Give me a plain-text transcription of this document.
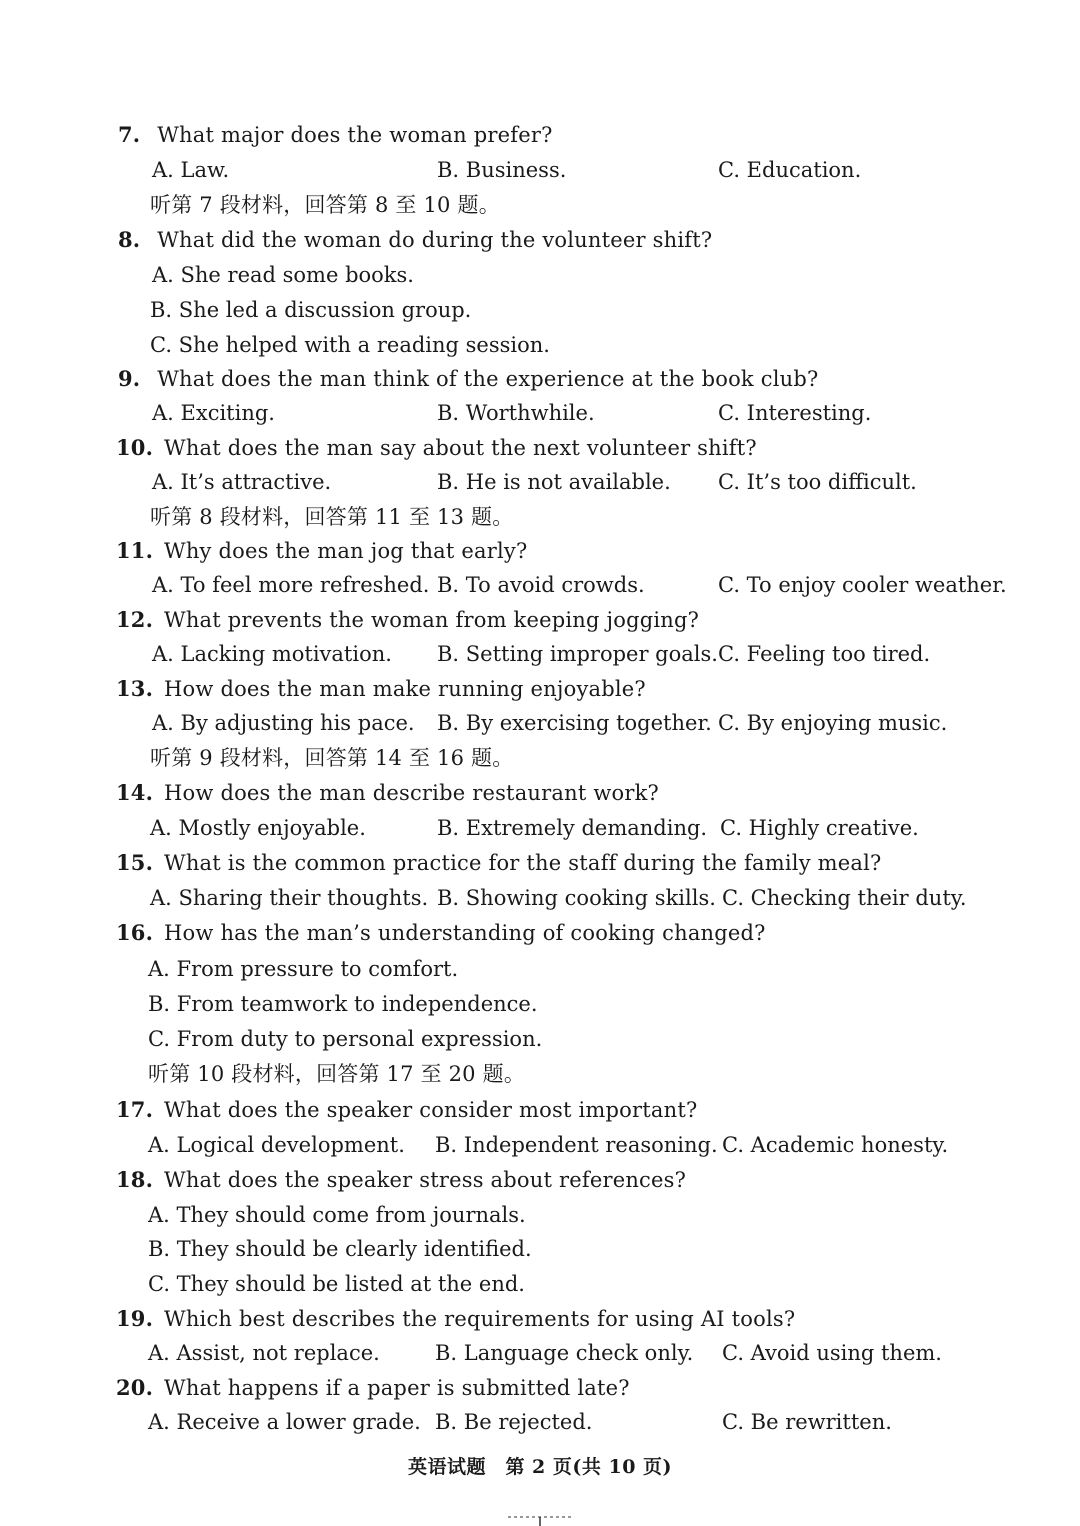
7. What major does the woman prefer?
A. Law.	B. Business.	C. Education.
听第 7 段材料，回答第 8 至 10 题。
8. What did the woman do during the volunteer shift?
A. She read some books.
B. She led a discussion group.
C. She helped with a reading session.
9. What does the man think of the experience at the book club?
A. Exciting.	B. Worthwhile.	C. Interesting.
10. What does the man say about the next volunteer shift?
A. It’s attractive.	B. He is not available. C. It’s too difficult.
听第 8 段材料，回答第 11 至 13 题。
11. Why does the man jog that early?
A. To feel more refreshed. B. To avoid crowds.	C. To enjoy cooler weather.
12. What prevents the woman from keeping jogging?
A. Lacking motivation. B. Setting improper goals. C. Feeling too tired.
13. How does the man make running enjoyable?
A. By adjusting his pace. B. By exercising together. C. By enjoying music.
听第 9 段材料，回答第 14 至 16 题。
14. How does the man describe restaurant work?
A. Mostly enjoyable.	B. Extremely demanding. C. Highly creative.
15. What is the common practice for the staff during the family meal?
A. Sharing their thoughts. B. Showing cooking skills. C. Checking their duty.
16. How has the man’s understanding of cooking changed?
A. From pressure to comfort.
B. From teamwork to independence.
C. From duty to personal expression.
听第 10 段材料，回答第 17 至 20 题。
17. What does the speaker consider most important?
A. Logical development. B. Independent reasoning. C. Academic honesty.
18. What does the speaker stress about references?
A. They should come from journals.
B. They should be clearly identified.
C. They should be listed at the end.
19. Which best describes the requirements for using AI tools?
A. Assist, not replace.	B. Language check only. C. Avoid using them.
20. What happens if a paper is submitted late?
A. Receive a lower grade. B. Be rejected.	C. Be rewritten.
英语试题　第 2 页(共 10 页)
